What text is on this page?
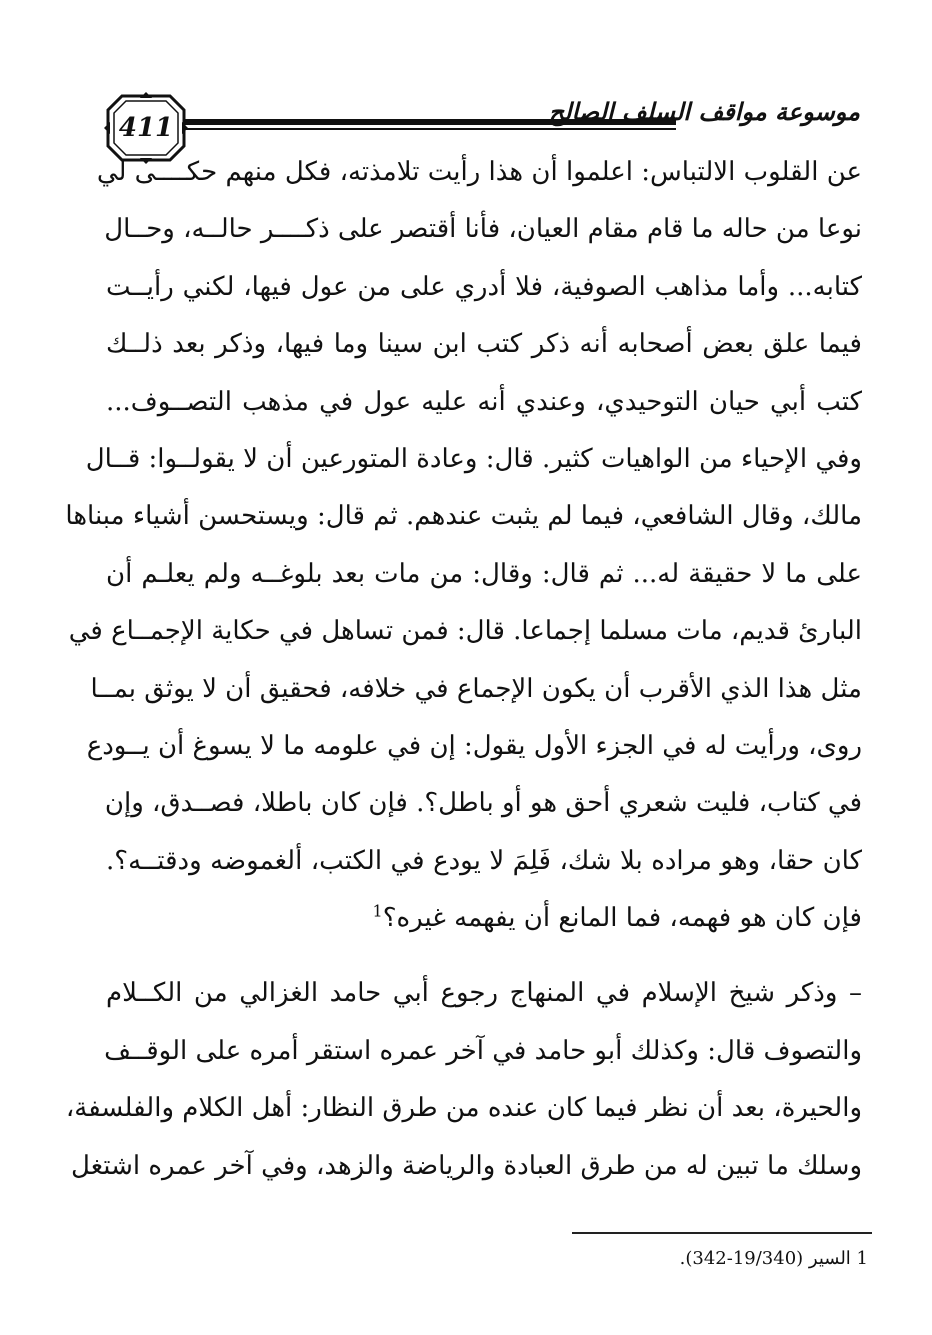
411
موسوعة مواقف السلف الصالح
عن القلوب الالتباس: اعلموا أن هذا رأيت تلامذته، فكل منهم حكــــى لي
نوعا من حاله ما قام مقام العيان، فأنا أقتصر على ذكــــر حالــه، وحــال
كتابه... وأما مذاهب الصوفية، فلا أدري على من عول فيها، لكني رأيــت
فيما علق بعض أصحابه أنه ذكر كتب ابن سينا وما فيها، وذكر بعد ذلــك
كتب أبي حيان التوحيدي، وعندي أنه عليه عول في مذهب التصــوف...
وفي الإحياء من الواهيات كثير. قال: وعادة المتورعين أن لا يقولــوا: قــال
مالك، وقال الشافعي، فيما لم يثبت عندهم. ثم قال: ويستحسن أشياء مبناها
على ما لا حقيقة له... ثم قال: وقال: من مات بعد بلوغــه ولم يعلـم أن
البارئ قديم، مات مسلما إجماعا. قال: فمن تساهل في حكاية الإجمــاع في
مثل هذا الذي الأقرب أن يكون الإجماع في خلافه، فحقيق أن لا يوثق بمــا
روى، ورأيت له في الجزء الأول يقول: إن في علومه ما لا يسوغ أن يــودع
في كتاب، فليت شعري أحق هو أو باطل؟. فإن كان باطلا، فصــدق، وإن
كان حقا، وهو مراده بلا شك، فَلِمَ لا يودع في الكتب، ألغموضه ودقتــه؟.
فإن كان هو فهمه، فما المانع أن يفهمه غيره؟$^1$
– وذكر شيخ الإسلام في المنهاج رجوع أبي حامد الغزالي من الكــلام
والتصوف قال: وكذلك أبو حامد في آخر عمره استقر أمره على الوقــف
والحيرة، بعد أن نظر فيما كان عنده من طرق النظار: أهل الكلام والفلسفة،
وسلك ما تبين له من طرق العبادة والرياضة والزهد، وفي آخر عمره اشتغل
1 السير (19/340-342).
